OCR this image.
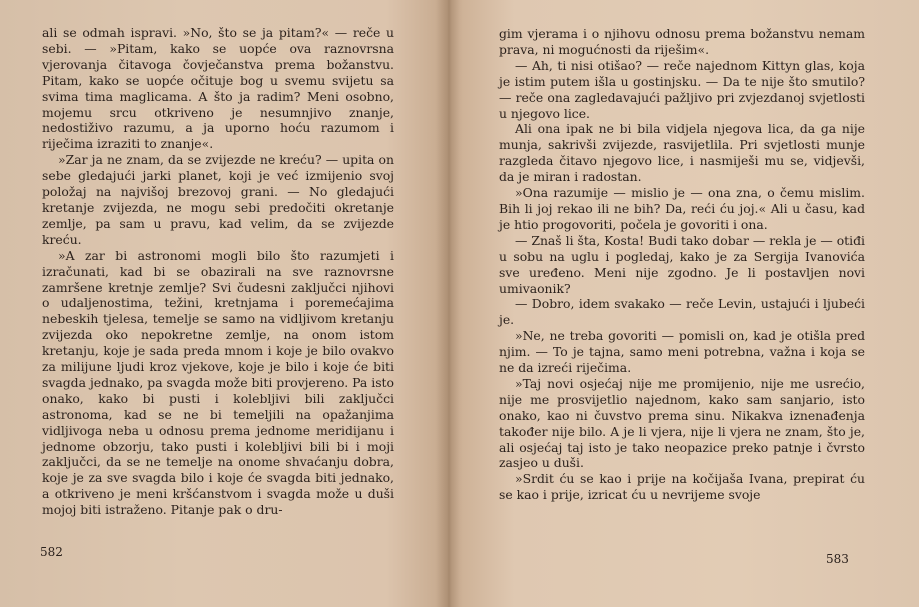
ali se odmah ispravi. »No, što se ja pitam?« — reče u sebi. — »Pitam, kako se uopće ova raznovrsna vjerovanja čitavoga čovječanstva prema božanstvu. Pitam, kako se uopće očituje bog u svemu svijetu sa svima tima maglicama. A što ja radim? Meni osobno, mojemu srcu otkriveno je nesumnjivo znanje, nedostiživo razumu, a ja uporno hoću razumom i riječima izraziti to znanje«.

»Zar ja ne znam, da se zvijezde ne kreću? — upita on sebe gledajući jarki planet, koji je već izmijenio svoj položaj na najvišoj brezovoj grani. — No gledajući kretanje zvijezda, ne mogu sebi predočiti okretanje zemlje, pa sam u pravu, kad velim, da se zvijezde kreću.

»A zar bi astronomi mogli bilo što razumjeti i izračunati, kad bi se obazirali na sve raznovrsne zamršene kretnje zemlje? Svi čudesni zaključci njihovi o udaljenostima, težini, kretnjama i poremećajima nebeskih tjelesa, temelje se samo na vidljivom kretanju zvijezda oko nepokretne zemlje, na onom istom kretanju, koje je sada preda mnom i koje je bilo ovakvo za milijune ljudi kroz vjekove, koje je bilo i koje će biti svagda jednako, pa svagda može biti provjereno. Pa isto onako, kako bi pusti i kolebljivi bili zaključci astronoma, kad se ne bi temeljili na opažanjima vidljivoga neba u odnosu prema jednome meridijanu i jednome obzorju, tako pusti i kolebljivi bili bi i moji zaključci, da se ne temelje na onome shvaćanju dobra, koje je za sve svagda bilo i koje će svagda biti jednako, a otkriveno je meni kršćanstvom i svagda može u duši mojoj biti istraženo. Pitanje pak o dru-

582

gim vjerama i o njihovu odnosu prema božanstvu nemam prava, ni mogućnosti da riješim«.

— Ah, ti nisi otišao? — reče najednom Kittyn glas, koja je istim putem išla u gostinjsku. — Da te nije što smutilo? — reče ona zagledavajući pažljivo pri zvjezdanoj svjetlosti u njegovo lice.

Ali ona ipak ne bi bila vidjela njegova lica, da ga nije munja, sakrivši zvijezde, rasvijetlila. Pri svjetlosti munje razgleda čitavo njegovo lice, i nasmiješi mu se, vidjevši, da je miran i radostan.

»Ona razumije — mislio je — ona zna, o čemu mislim. Bih li joj rekao ili ne bih? Da, reći ću joj.« Ali u času, kad je htio progovoriti, počela je govoriti i ona.

— Znaš li šta, Kosta! Budi tako dobar — rekla je — otiđi u sobu na uglu i pogledaj, kako je za Sergija Ivanovića sve uređeno. Meni nije zgodno. Je li postavljen novi umivaonik?

— Dobro, idem svakako — reče Levin, ustajući i ljubeći je.

»Ne, ne treba govoriti — pomisli on, kad je otišla pred njim. — To je tajna, samo meni potrebna, važna i koja se ne da izreći riječima.

»Taj novi osjećaj nije me promijenio, nije me usrećio, nije me prosvijetlio najednom, kako sam sanjario, isto onako, kao ni čuvstvo prema sinu. Nikakva iznenađenja također nije bilo. A je li vjera, nije li vjera ne znam, što je, ali osjećaj taj isto je tako neopazice preko patnje i čvrsto zasjeo u duši.

»Srdit ću se kao i prije na kočijaša Ivana, prepirat ću se kao i prije, izricat ću u nevrijeme svoje

583
